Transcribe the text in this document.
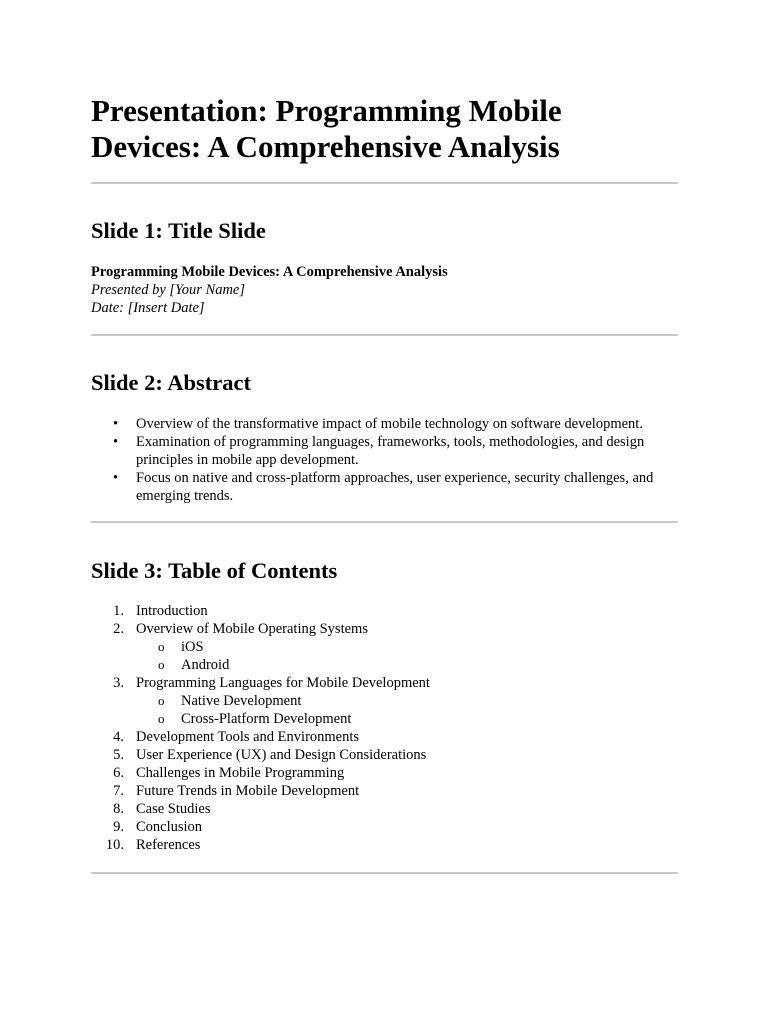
Presentation: Programming Mobile Devices: A Comprehensive Analysis
Slide 1: Title Slide
Programming Mobile Devices: A Comprehensive Analysis
Presented by [Your Name]
Date: [Insert Date]
Slide 2: Abstract
• Overview of the transformative impact of mobile technology on software development.
• Examination of programming languages, frameworks, tools, methodologies, and design principles in mobile app development.
• Focus on native and cross-platform approaches, user experience, security challenges, and emerging trends.
Slide 3: Table of Contents
1. Introduction
2. Overview of Mobile Operating Systems
o iOS
o Android
3. Programming Languages for Mobile Development
o Native Development
o Cross-Platform Development
4. Development Tools and Environments
5. User Experience (UX) and Design Considerations
6. Challenges in Mobile Programming
7. Future Trends in Mobile Development
8. Case Studies
9. Conclusion
10. References
